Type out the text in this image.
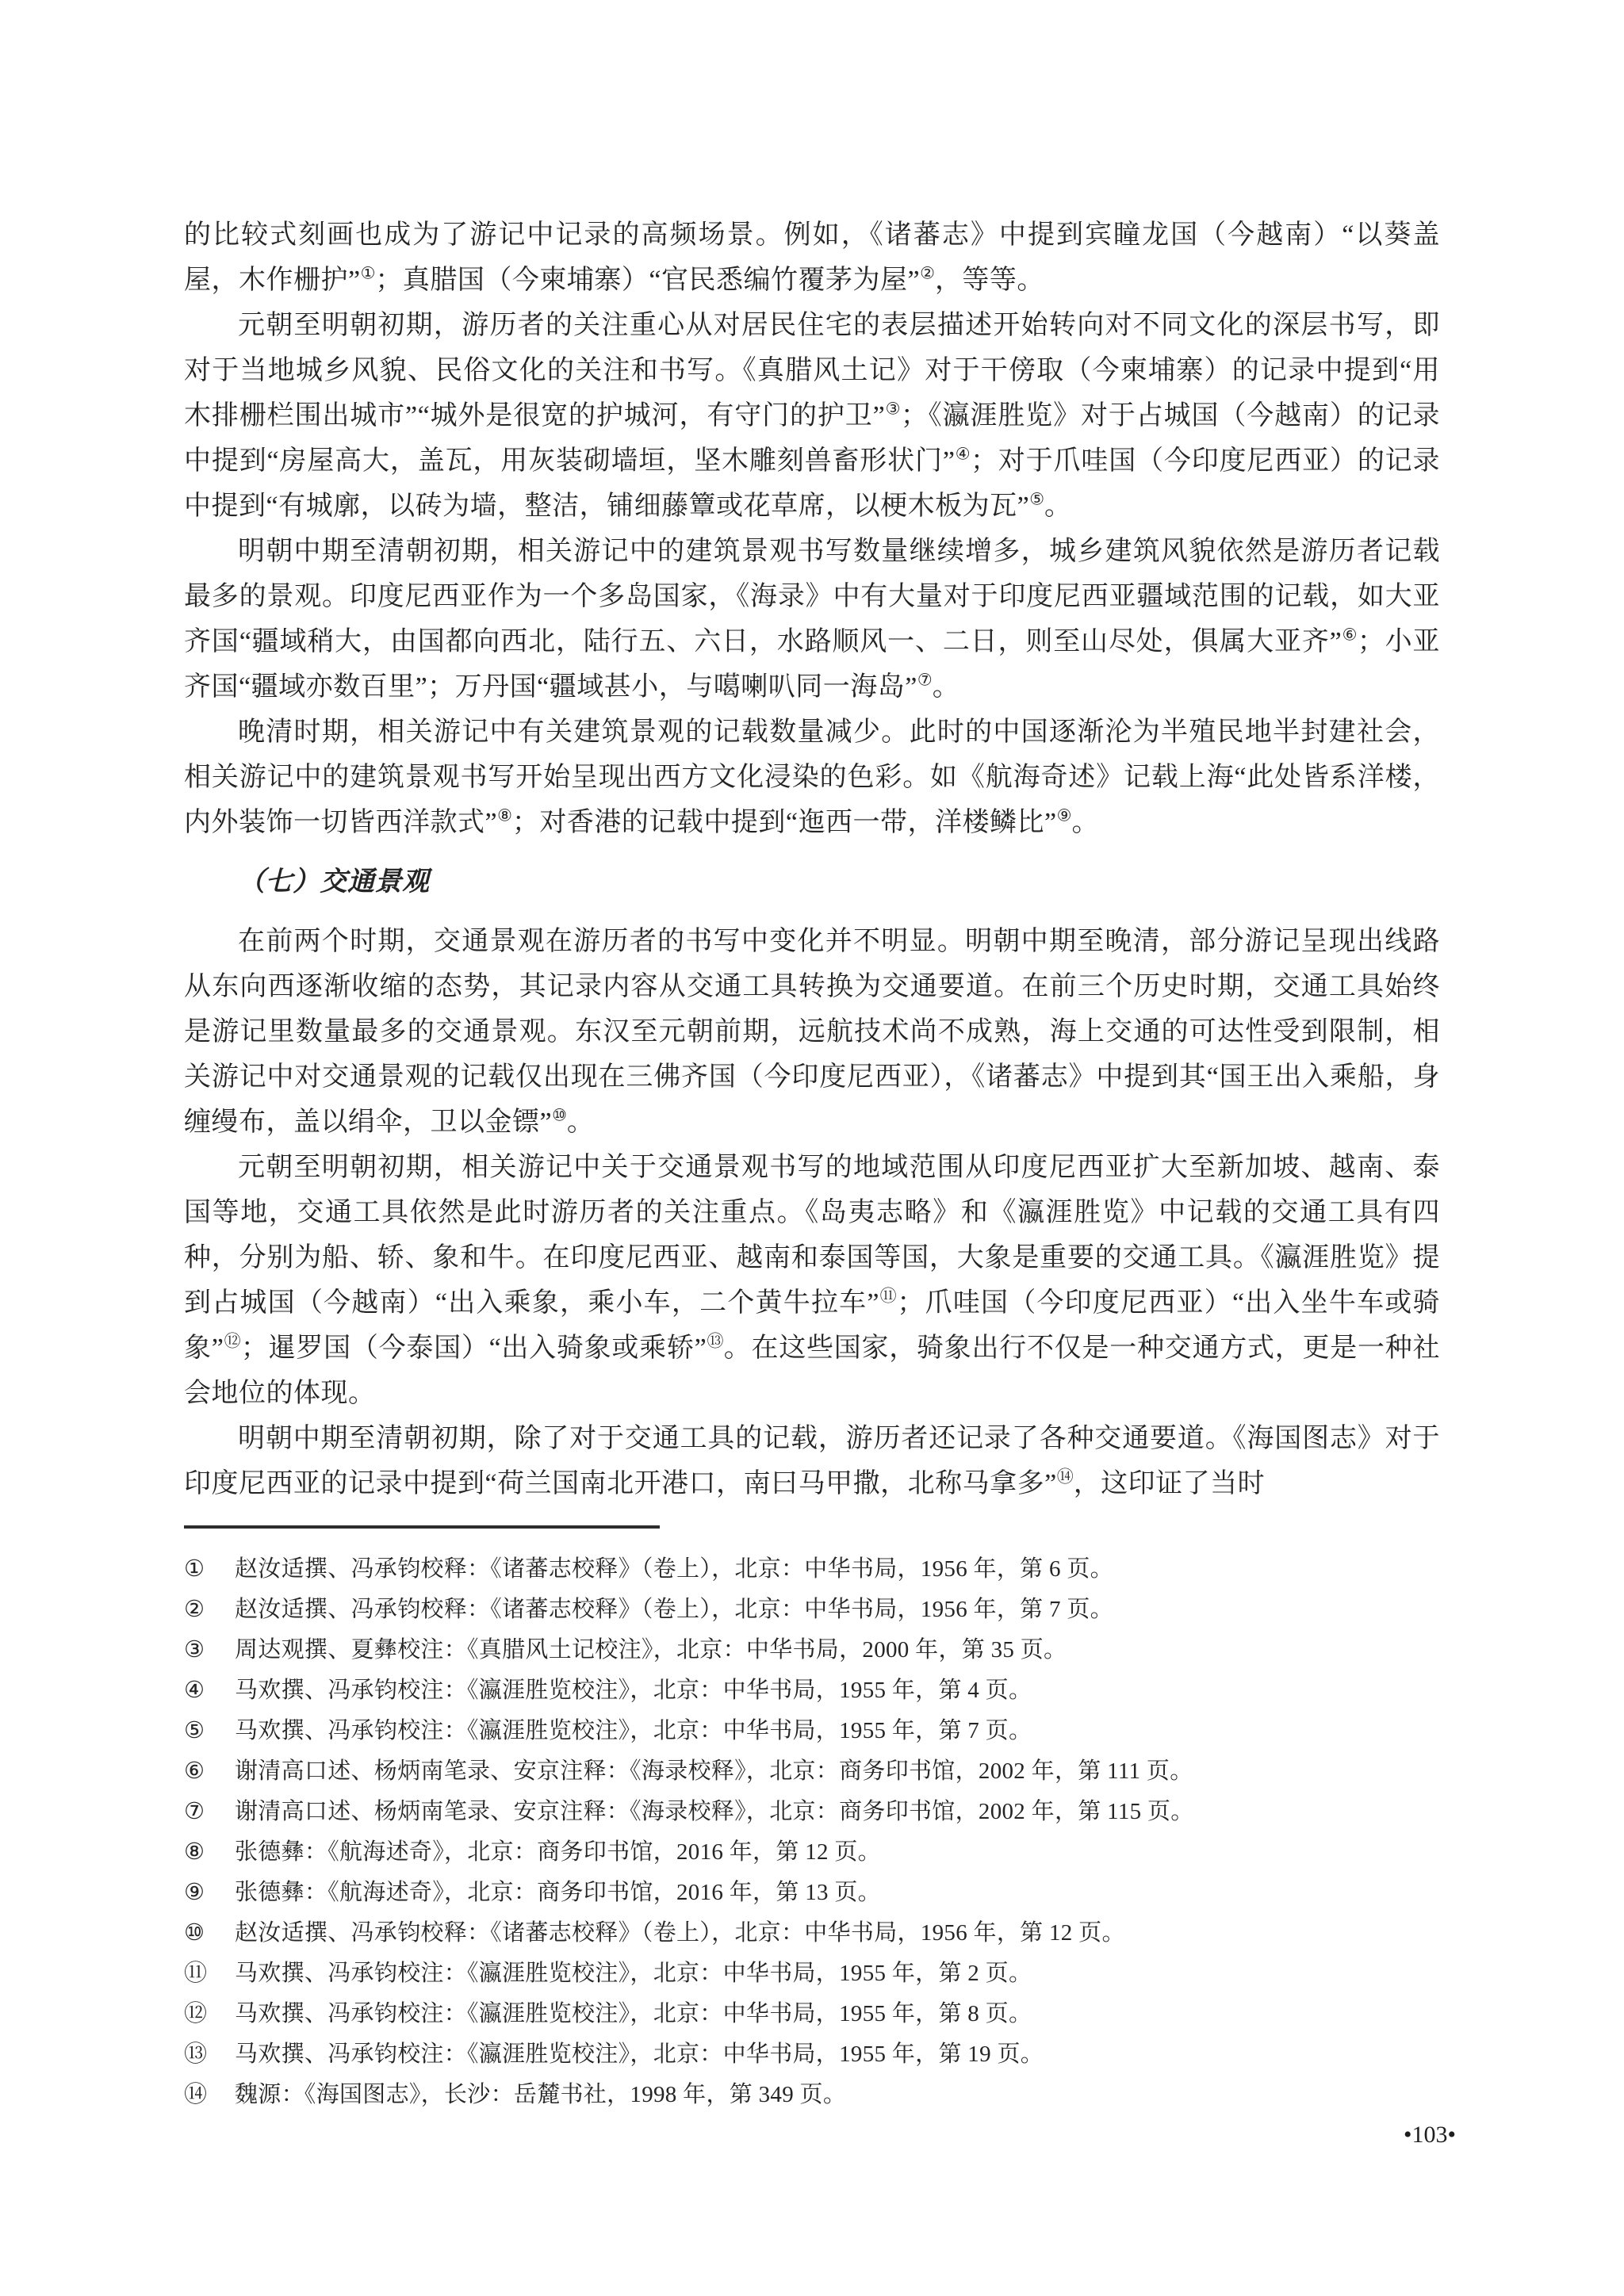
的比较式刻画也成为了游记中记录的高频场景。例如，《诸蕃志》中提到宾瞳龙国（今越南）“以葵盖屋，木作栅护”①；真腊国（今柬埔寨）“官民悉编竹覆茅为屋”②，等等。

元朝至明朝初期，游历者的关注重心从对居民住宅的表层描述开始转向对不同文化的深层书写，即对于当地城乡风貌、民俗文化的关注和书写。《真腊风土记》对于干傍取（今柬埔寨）的记录中提到“用木排栅栏围出城市”“城外是很宽的护城河，有守门的护卫”③；《瀛涯胜览》对于占城国（今越南）的记录中提到“房屋高大，盖瓦，用灰装砌墙垣，坚木雕刻兽畜形状门”④；对于爪哇国（今印度尼西亚）的记录中提到“有城廓，以砖为墙，整洁，铺细藤簟或花草席，以梗木板为瓦”⑤。

明朝中期至清朝初期，相关游记中的建筑景观书写数量继续增多，城乡建筑风貌依然是游历者记载最多的景观。印度尼西亚作为一个多岛国家，《海录》中有大量对于印度尼西亚疆域范围的记载，如大亚齐国“疆域稍大，由国都向西北，陆行五、六日，水路顺风一、二日，则至山尽处，俱属大亚齐”⑥；小亚齐国“疆域亦数百里”；万丹国“疆域甚小，与噶喇叭同一海岛”⑦。

晚清时期，相关游记中有关建筑景观的记载数量减少。此时的中国逐渐沦为半殖民地半封建社会，相关游记中的建筑景观书写开始呈现出西方文化浸染的色彩。如《航海奇述》记载上海“此处皆系洋楼，内外装饰一切皆西洋款式”⑧；对香港的记载中提到“迤西一带，洋楼鳞比”⑨。

（七）交通景观

在前两个时期，交通景观在游历者的书写中变化并不明显。明朝中期至晚清，部分游记呈现出线路从东向西逐渐收缩的态势，其记录内容从交通工具转换为交通要道。在前三个历史时期，交通工具始终是游记里数量最多的交通景观。东汉至元朝前期，远航技术尚不成熟，海上交通的可达性受到限制，相关游记中对交通景观的记载仅出现在三佛齐国（今印度尼西亚），《诸蕃志》中提到其“国王出入乘船，身缠缦布，盖以绢伞，卫以金镖”⑩。

元朝至明朝初期，相关游记中关于交通景观书写的地域范围从印度尼西亚扩大至新加坡、越南、泰国等地，交通工具依然是此时游历者的关注重点。《岛夷志略》和《瀛涯胜览》中记载的交通工具有四种，分别为船、轿、象和牛。在印度尼西亚、越南和泰国等国，大象是重要的交通工具。《瀛涯胜览》提到占城国（今越南）“出入乘象，乘小车，二个黄牛拉车”⑪；爪哇国（今印度尼西亚）“出入坐牛车或骑象”⑫；暹罗国（今泰国）“出入骑象或乘轿”⑬。在这些国家，骑象出行不仅是一种交通方式，更是一种社会地位的体现。

明朝中期至清朝初期，除了对于交通工具的记载，游历者还记录了各种交通要道。《海国图志》对于印度尼西亚的记录中提到“荷兰国南北开港口，南曰马甲撒，北称马拿多”⑭，这印证了当时

①	赵汝适撰、冯承钧校释：《诸蕃志校释》（卷上），北京：中华书局，1956 年，第 6 页。
②	赵汝适撰、冯承钧校释：《诸蕃志校释》（卷上），北京：中华书局，1956 年，第 7 页。
③	周达观撰、夏彝校注：《真腊风土记校注》，北京：中华书局，2000 年，第 35 页。
④	马欢撰、冯承钧校注：《瀛涯胜览校注》，北京：中华书局，1955 年，第 4 页。
⑤	马欢撰、冯承钧校注：《瀛涯胜览校注》，北京：中华书局，1955 年，第 7 页。
⑥	谢清高口述、杨炳南笔录、安京注释：《海录校释》，北京：商务印书馆，2002 年，第 111 页。
⑦	谢清高口述、杨炳南笔录、安京注释：《海录校释》，北京：商务印书馆，2002 年，第 115 页。
⑧	张德彝：《航海述奇》，北京：商务印书馆，2016 年，第 12 页。
⑨	张德彝：《航海述奇》，北京：商务印书馆，2016 年，第 13 页。
⑩	赵汝适撰、冯承钧校释：《诸蕃志校释》（卷上），北京：中华书局，1956 年，第 12 页。
⑪	马欢撰、冯承钧校注：《瀛涯胜览校注》，北京：中华书局，1955 年，第 2 页。
⑫	马欢撰、冯承钧校注：《瀛涯胜览校注》，北京：中华书局，1955 年，第 8 页。
⑬	马欢撰、冯承钧校注：《瀛涯胜览校注》，北京：中华书局，1955 年，第 19 页。
⑭	魏源：《海国图志》，长沙：岳麓书社，1998 年，第 349 页。
•103•
